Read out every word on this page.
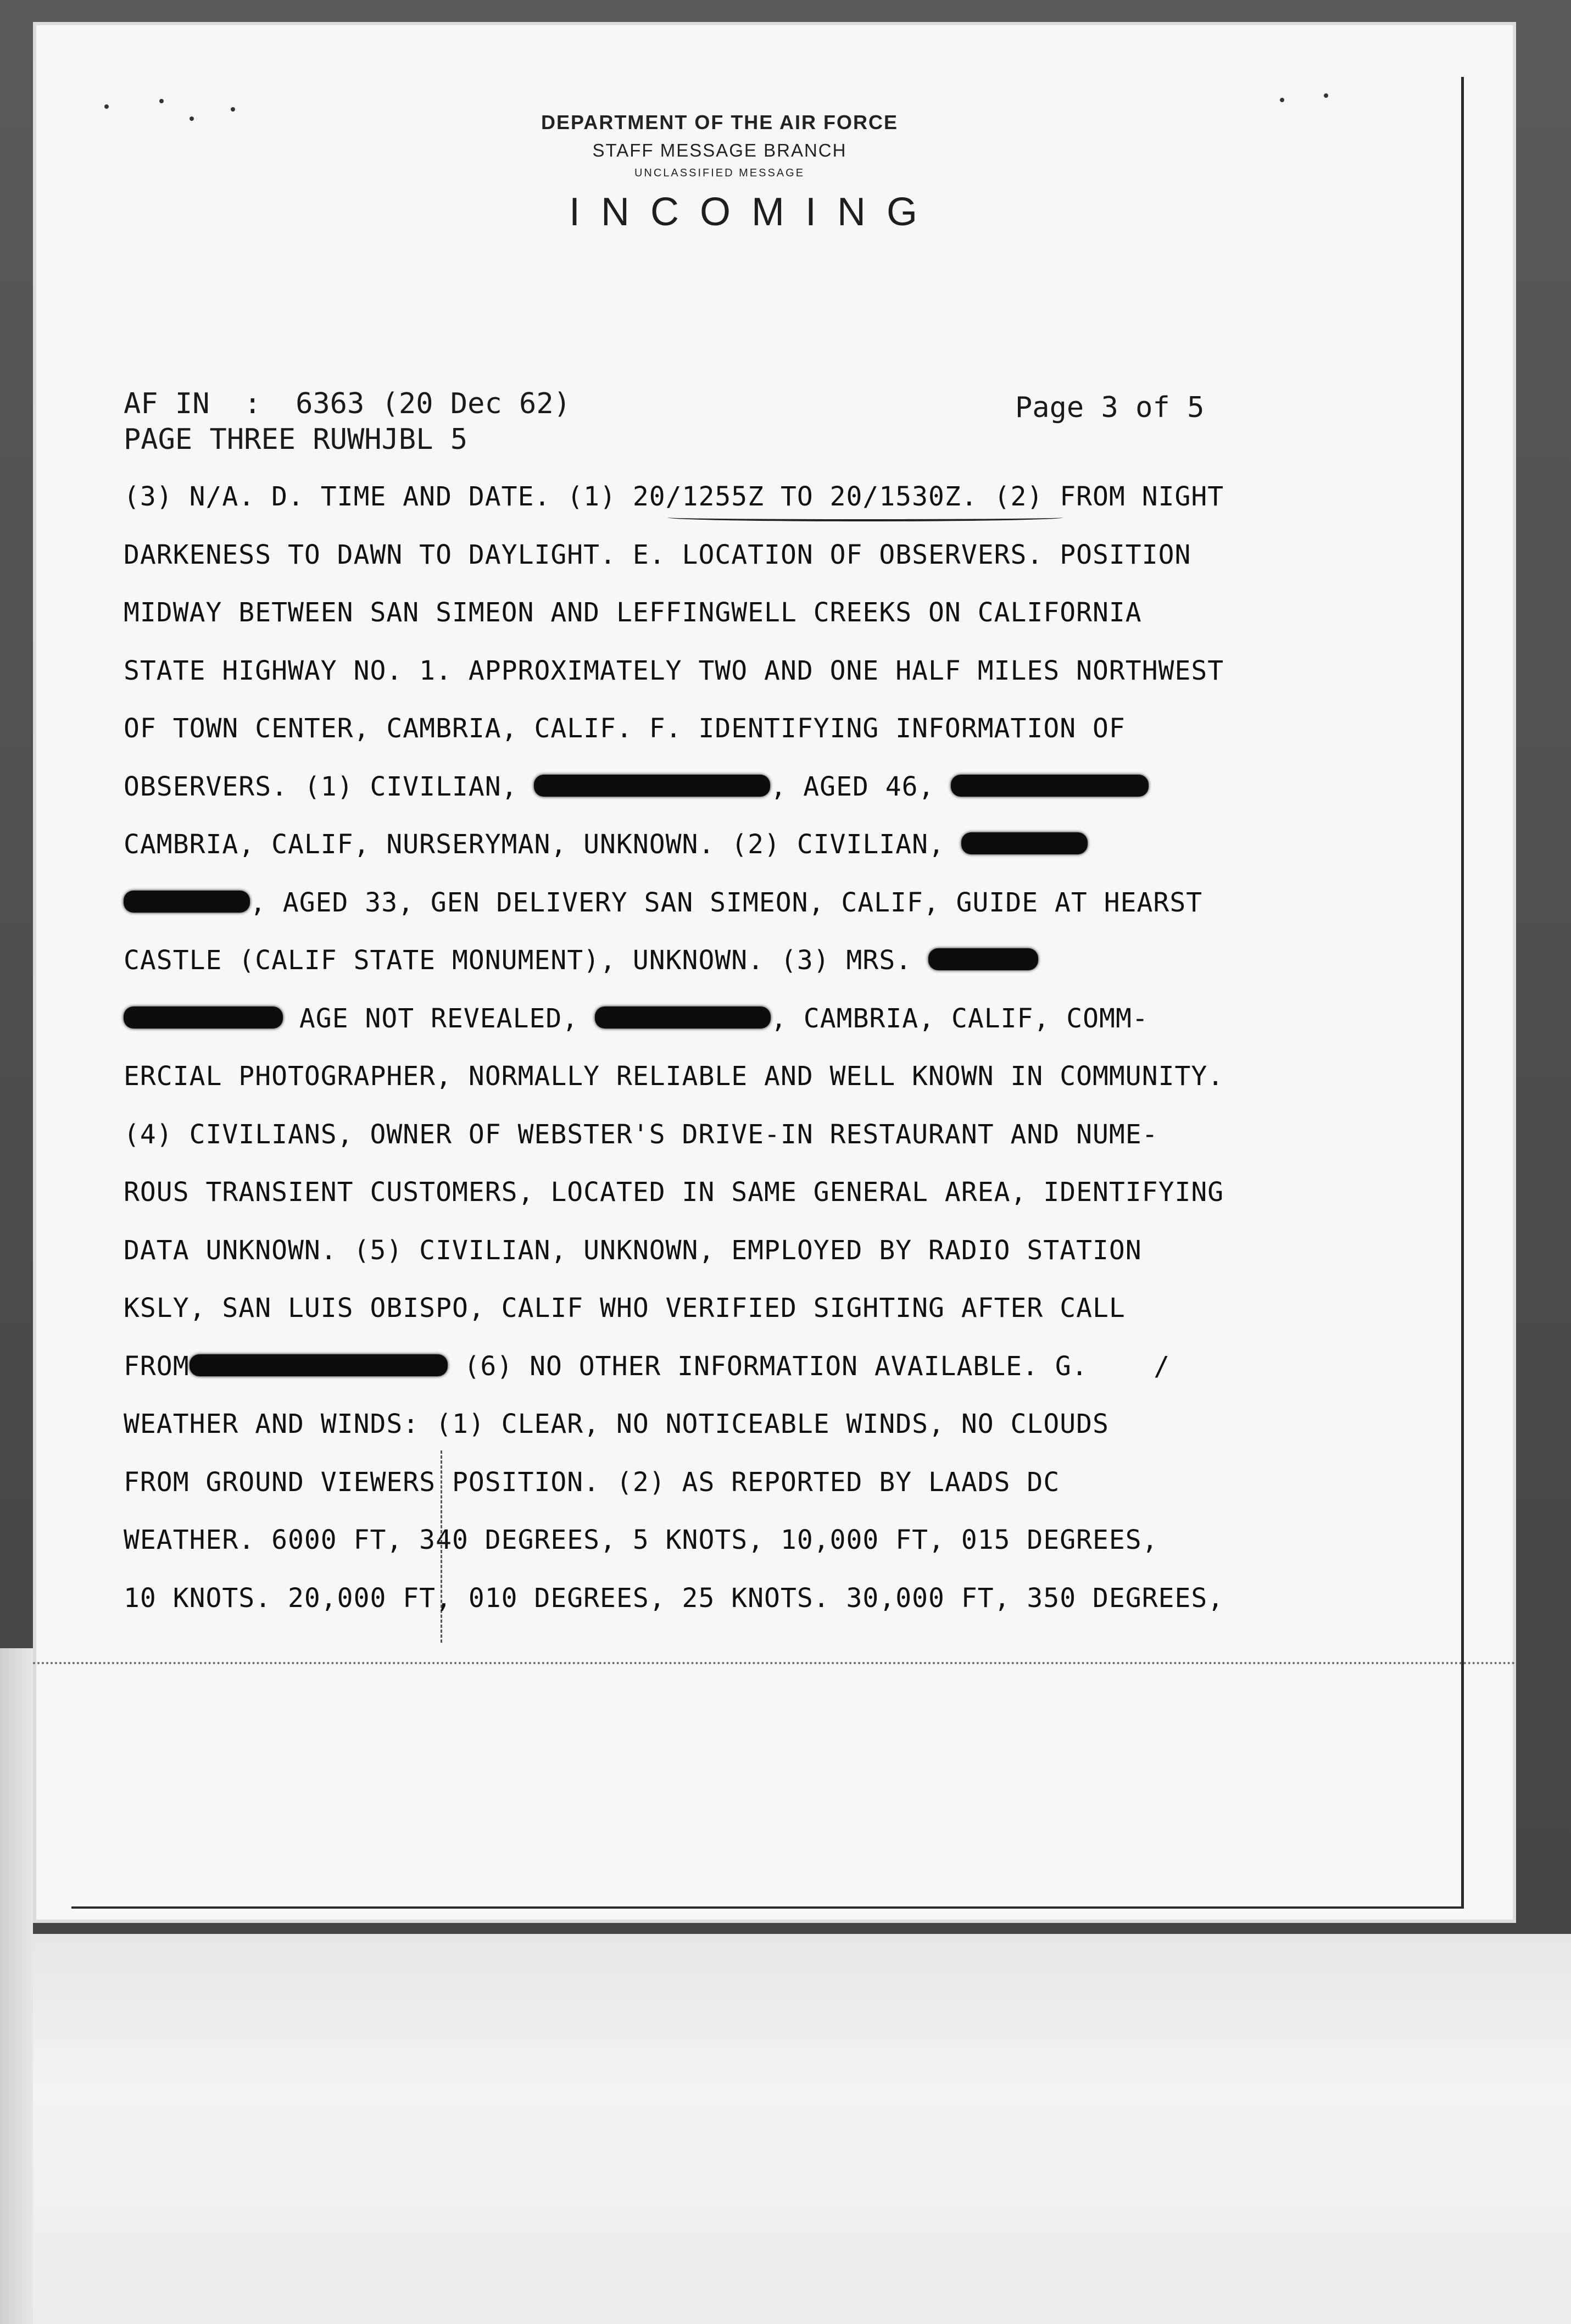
DEPARTMENT OF THE AIR FORCE
STAFF MESSAGE BRANCH
UNCLASSIFIED MESSAGE
INCOMING
AF IN  :  6363 (20 Dec 62)	Page 3 of 5
PAGE THREE RUWHJBL 5
(3) N/A. D. TIME AND DATE. (1) 20/1255Z TO 20/1530Z. (2) FROM NIGHT
DARKENESS TO DAWN TO DAYLIGHT. E. LOCATION OF OBSERVERS. POSITION
MIDWAY BETWEEN SAN SIMEON AND LEFFINGWELL CREEKS ON CALIFORNIA
STATE HIGHWAY NO. 1. APPROXIMATELY TWO AND ONE HALF MILES NORTHWEST
OF TOWN CENTER, CAMBRIA, CALIF. F. IDENTIFYING INFORMATION OF
OBSERVERS. (1) CIVILIAN,	, AGED 46,
CAMBRIA, CALIF, NURSERYMAN, UNKNOWN. (2) CIVILIAN,
, AGED 33, GEN DELIVERY SAN SIMEON, CALIF, GUIDE AT HEARST
CASTLE (CALIF STATE MONUMENT), UNKNOWN. (3) MRS.
AGE NOT REVEALED,	, CAMBRIA, CALIF, COMM-
ERCIAL PHOTOGRAPHER, NORMALLY RELIABLE AND WELL KNOWN IN COMMUNITY.
(4) CIVILIANS, OWNER OF WEBSTER'S DRIVE-IN RESTAURANT AND NUME-
ROUS TRANSIENT CUSTOMERS, LOCATED IN SAME GENERAL AREA, IDENTIFYING
DATA UNKNOWN. (5) CIVILIAN, UNKNOWN, EMPLOYED BY RADIO STATION
KSLY, SAN LUIS OBISPO, CALIF WHO VERIFIED SIGHTING AFTER CALL
FROM	(6) NO OTHER INFORMATION AVAILABLE. G.    /
WEATHER AND WINDS: (1) CLEAR, NO NOTICEABLE WINDS, NO CLOUDS
FROM GROUND VIEWERS POSITION. (2) AS REPORTED BY LAADS DC
WEATHER. 6000 FT, 340 DEGREES, 5 KNOTS, 10,000 FT, 015 DEGREES,
10 KNOTS. 20,000 FT, 010 DEGREES, 25 KNOTS. 30,000 FT, 350 DEGREES,
